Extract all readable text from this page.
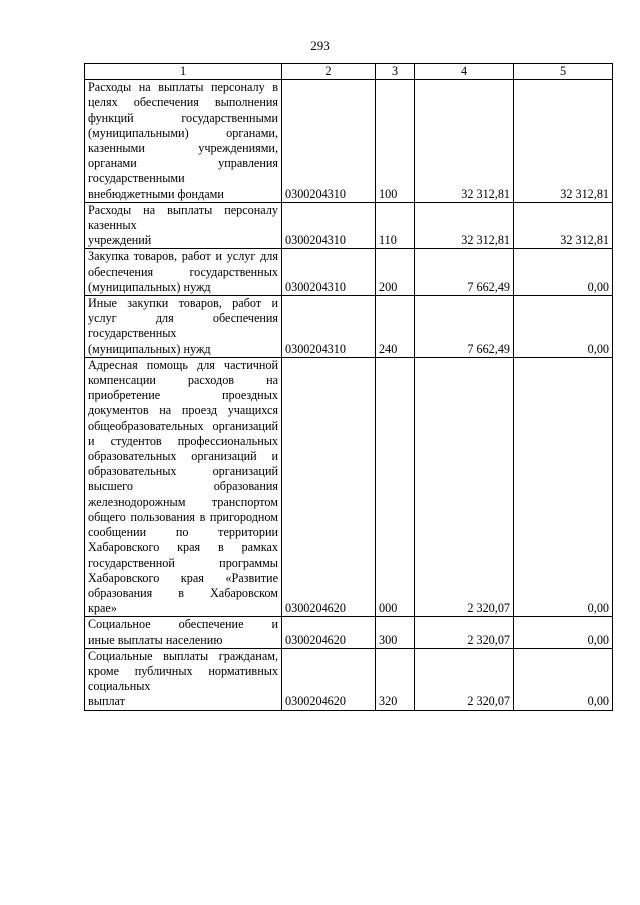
293
1	2	3	4	5
Расходы на выплаты персоналу в целях обеспечения выполнения функций государственными (муниципальными) органами, казенными учреждениями, органами управления государственными
внебюджетными фондами	0300204310	100	32 312,81	32 312,81
Расходы на выплаты персоналу казенных
учреждений	0300204310	110	32 312,81	32 312,81
Закупка товаров, работ и услуг для обеспечения государственных
(муниципальных) нужд	0300204310	200	7 662,49	0,00
Иные закупки товаров, работ и услуг для обеспечения государственных
(муниципальных) нужд	0300204310	240	7 662,49	0,00
Адресная помощь для частичной компенсации расходов на приобретение проездных документов на проезд учащихся общеобразовательных организаций и студентов профессиональных образовательных организаций и образовательных организаций высшего образования железнодорожным транспортом общего пользования в пригородном сообщении по территории Хабаровского края в рамках государственной программы Хабаровского края «Развитие образования в Хабаровском
крае»	0300204620	000	2 320,07	0,00
Социальное обеспечение и
иные выплаты населению	0300204620	300	2 320,07	0,00
Социальные выплаты гражданам, кроме публичных нормативных социальных
выплат	0300204620	320	2 320,07	0,00
